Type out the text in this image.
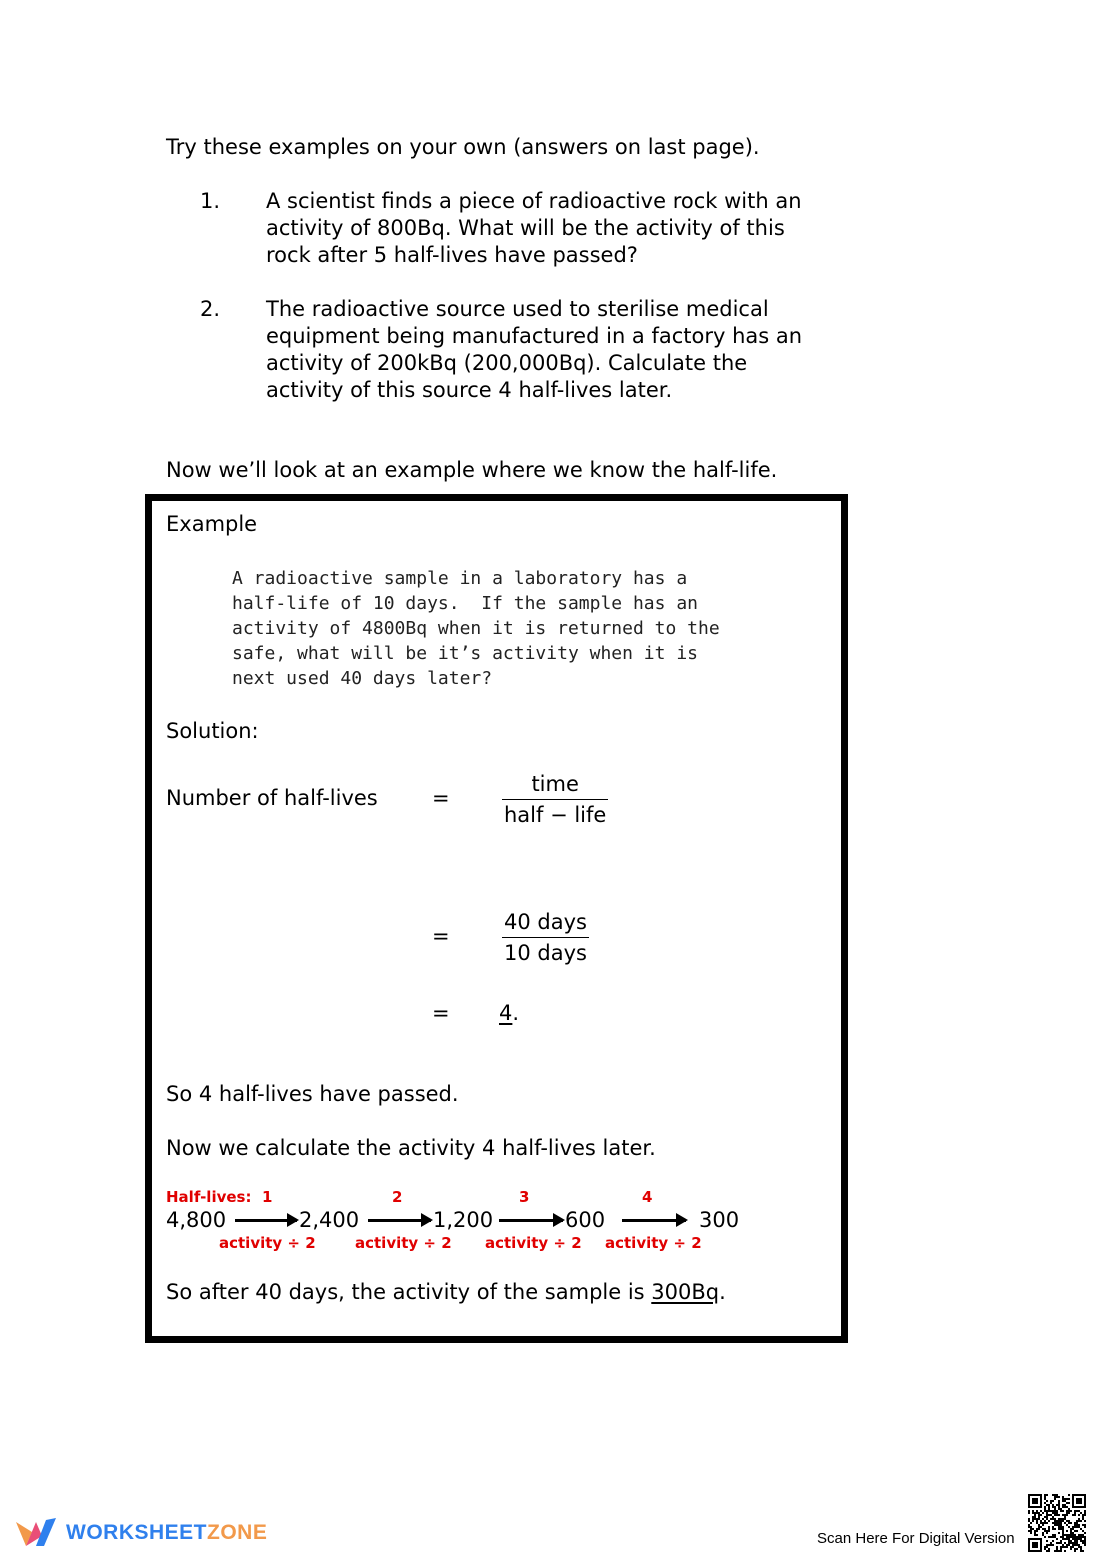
Try these examples on your own (answers on last page).
1. A scientist finds a piece of radioactive rock with an
activity of 800Bq. What will be the activity of this
rock after 5 half-lives have passed?
2. The radioactive source used to sterilise medical
equipment being manufactured in a factory has an
activity of 200kBq (200,000Bq). Calculate the
activity of this source 4 half-lives later.
Now we’ll look at an example where we know the half-life.
Example
A radioactive sample in a laboratory has a
half-life of 10 days.  If the sample has an
activity of 4800Bq when it is returned to the
safe, what will be it’s activity when it is
next used 40 days later?
Solution:
Number of half-lives	=
time
half − life
=
40 days
10 days
= 4.
So 4 half-lives have passed.
Now we calculate the activity 4 half-lives later.
Half-lives: 1	2	3	4
4,800	2,400	1,200	600	300
activity ÷ 2	activity ÷ 2 activity ÷ 2 activity ÷ 2
So after 40 days, the activity of the sample is 300Bq.
WORKSHEETZONE	Scan Here For Digital Version
